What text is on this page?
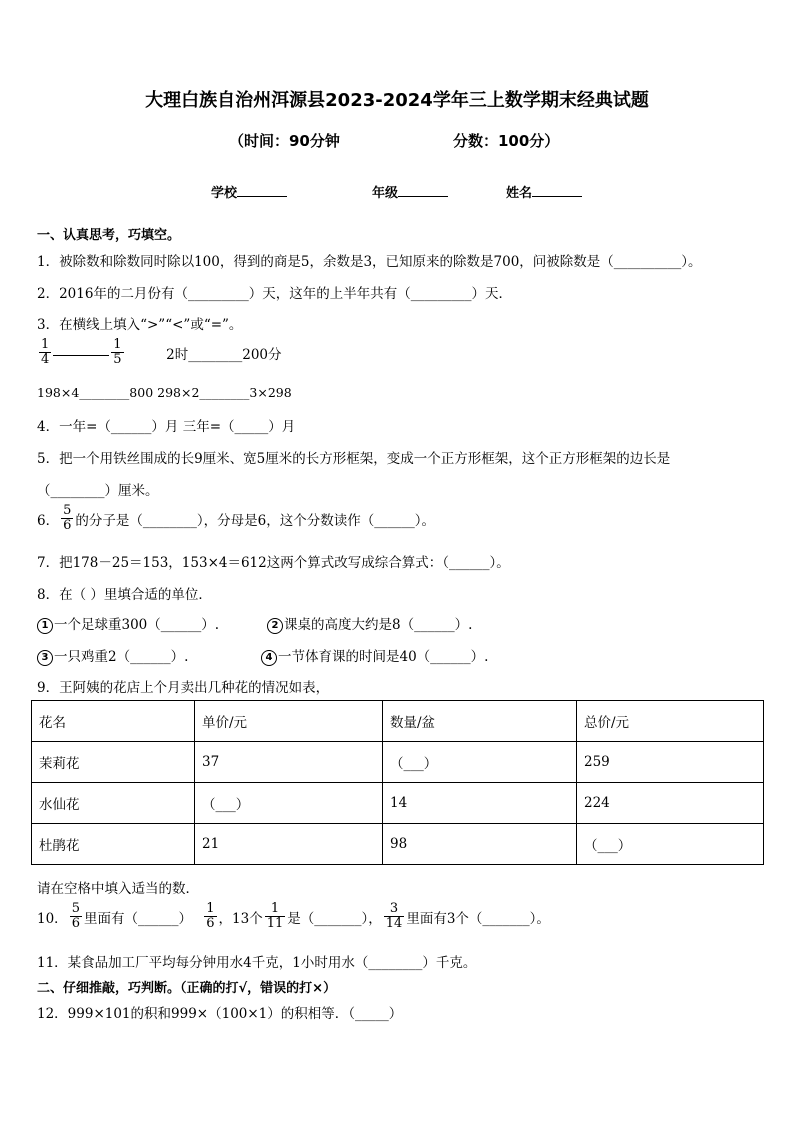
大理白族自治州洱源县2023-2024学年三上数学期末经典试题
（时间：90分钟	分数：100分）
学校	年级	姓名
一、认真思考，巧填空。
1．被除数和除数同时除以100，得到的商是5，余数是3，已知原来的除数是700，问被除数是（__________）。
2．2016年的二月份有（_________）天，这年的上半年共有（_________）天．
3．在横线上填入“>”“<”或“=”。
$\frac{1}{4}$	$\frac{1}{5}$	2时________200分
198×4________800 298×2________3×298
4．一年=（______）月 三年=（_____）月
5．把一个用铁丝围成的长9厘米、宽5厘米的长方形框架，变成一个正方形框架，这个正方形框架的边长是
（________）厘米。
6． $\frac{5}{6}$ 的分子是（________），分母是6，这个分数读作（______）。
7．把178－25＝153，153×4＝612这两个算式改写成综合算式：（______）。
8．在（ ）里填合适的单位．
1 一个足球重300（______）.	2 课桌的高度大约是8（______）.
3 一只鸡重2（______）.	4 一节体育课的时间是40（______）.
9．王阿姨的花店上个月卖出几种花的情况如表，
花名	单价/元	数量/盆	总价/元
茉莉花	37	（___）	259
水仙花	（___）	14	224
杜鹃花	21	98	（___）
请在空格中填入适当的数．
10． $\frac{5}{6}$ 里面有（______） $\frac{1}{6}$ ，13个 $\frac{1}{11}$ 是（_______）， $\frac{3}{14}$ 里面有3个（_______）。
11．某食品加工厂平均每分钟用水4千克，1小时用水（________）千克。
二、仔细推敲，巧判断。（正确的打√，错误的打×）
12．999×101的积和999×（100×1）的积相等．（_____）
